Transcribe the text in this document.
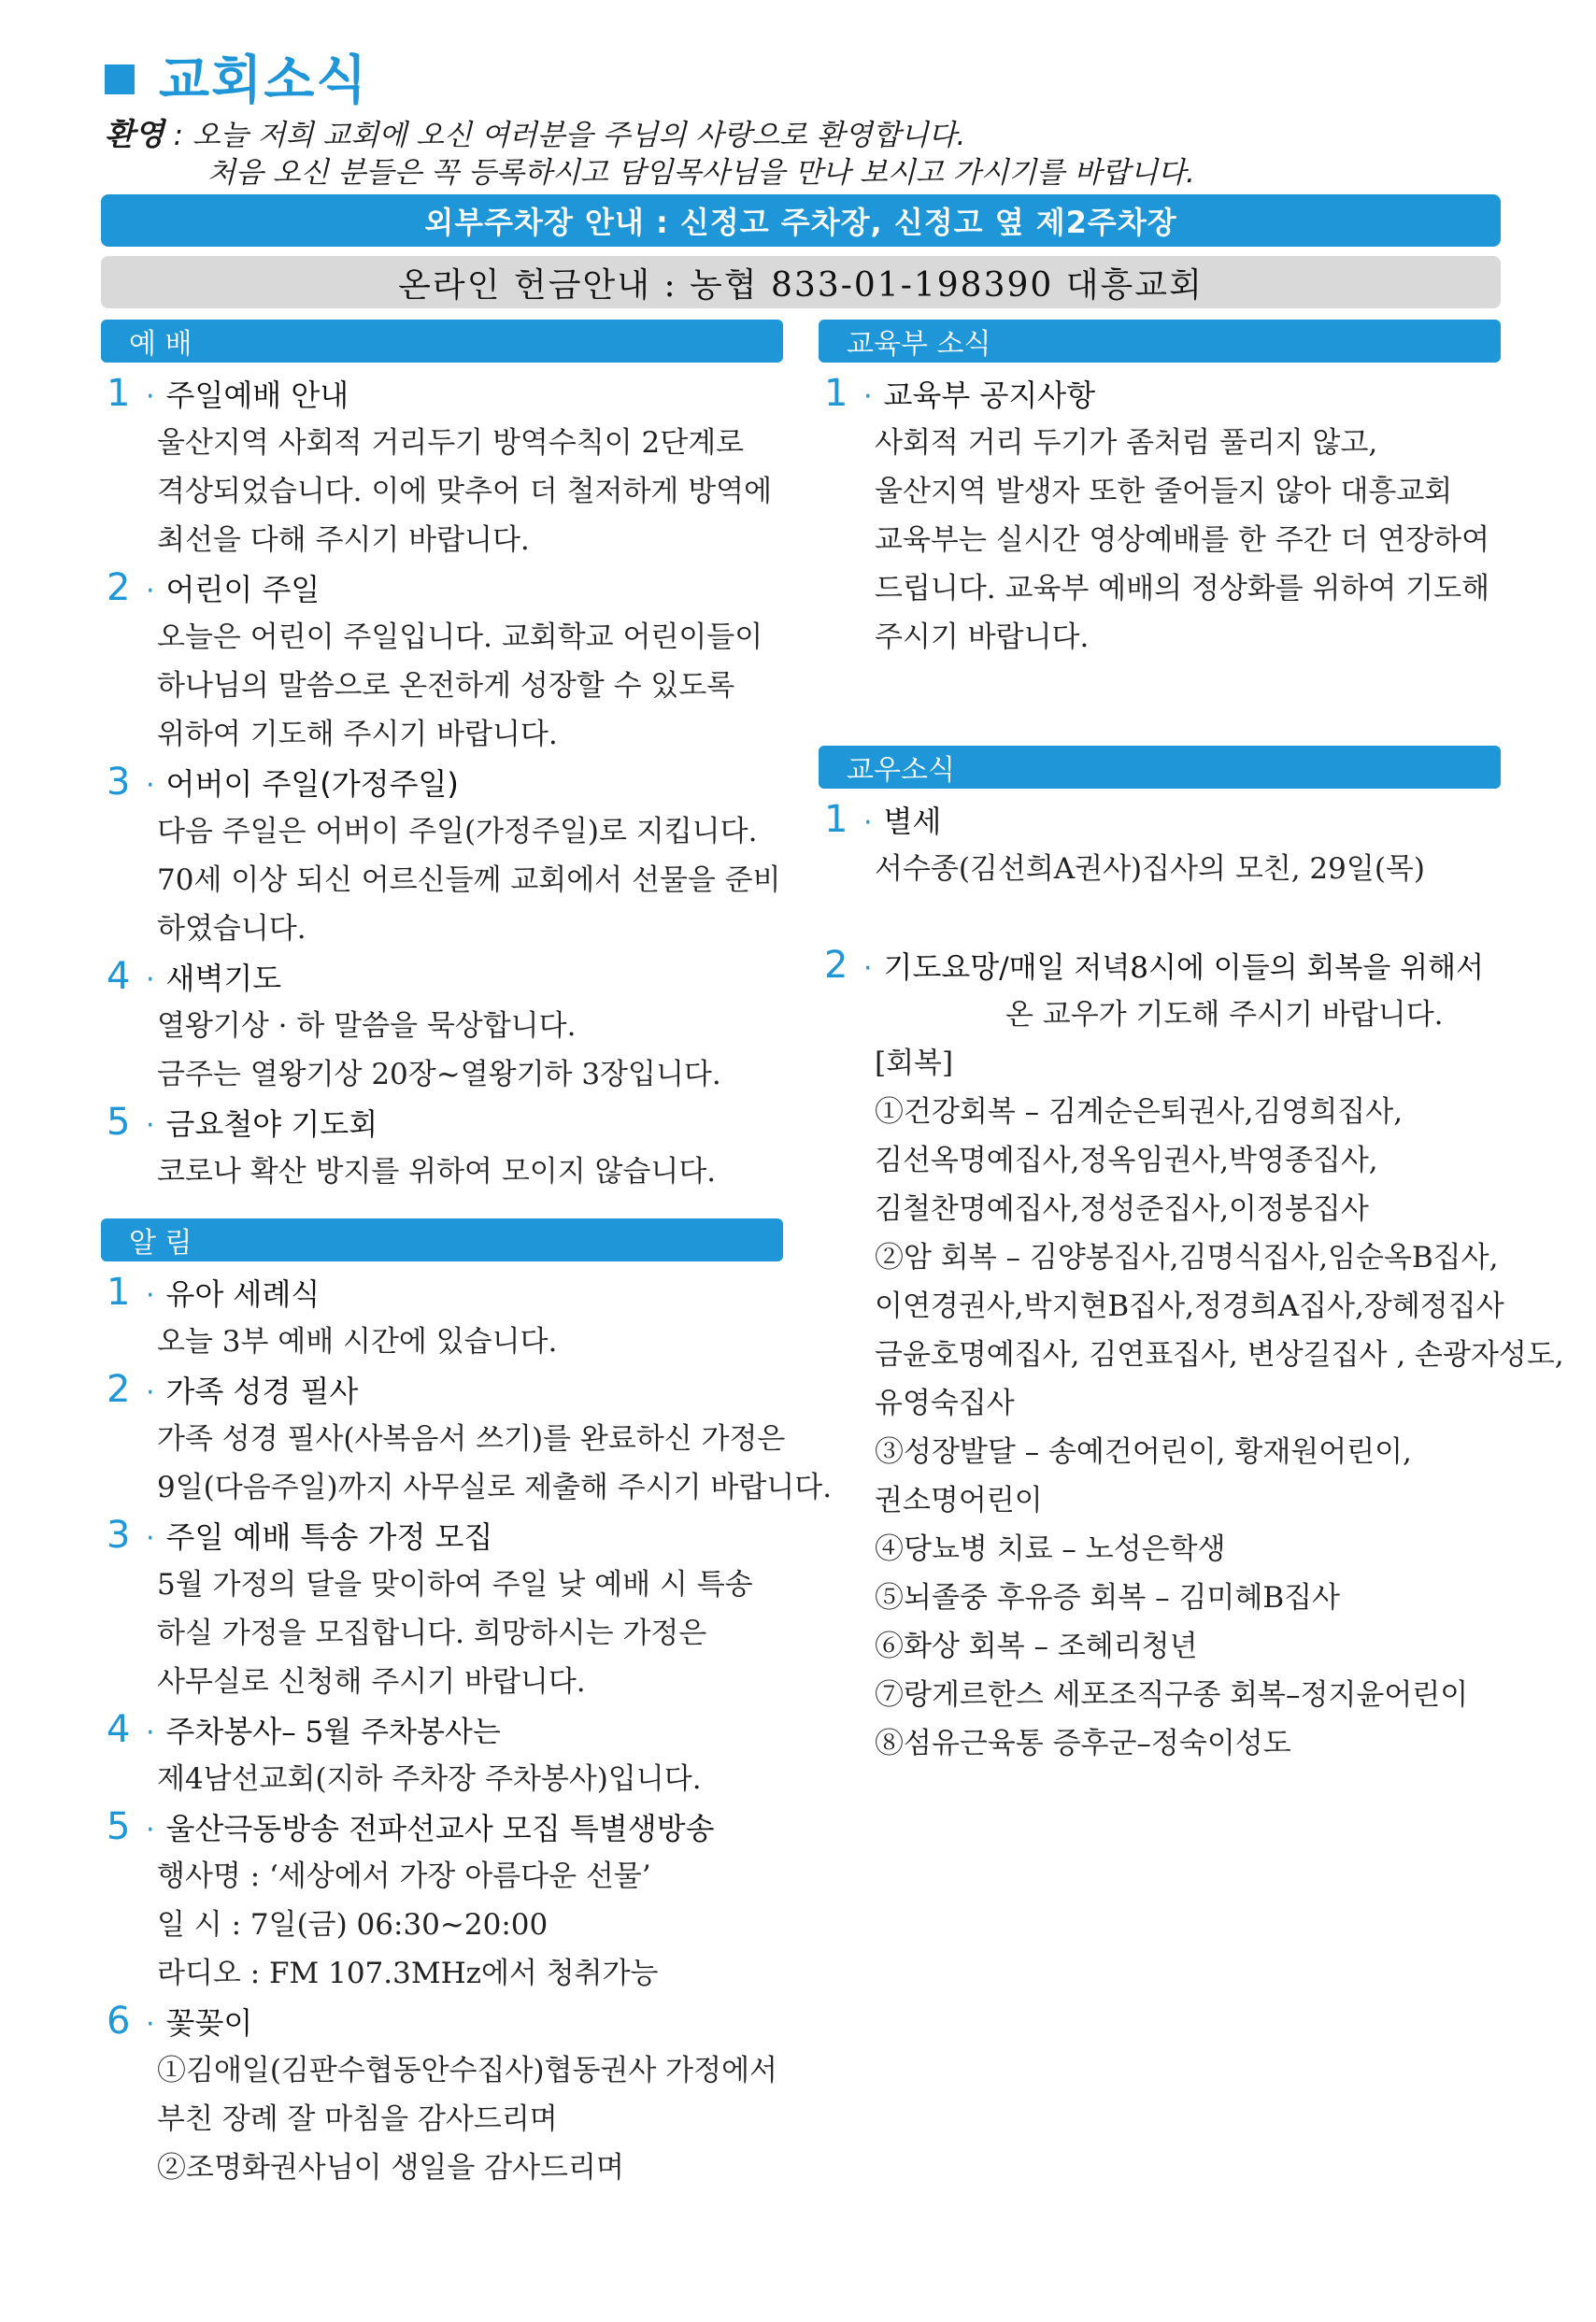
교회소식
환영 : 오늘 저희 교회에 오신 여러분을 주님의 사랑으로 환영합니다.
처음 오신 분들은 꼭 등록하시고 담임목사님을 만나 보시고 가시기를 바랍니다.
외부주차장 안내 : 신정고 주차장, 신정고 옆 제2주차장
온라인 헌금안내 : 농협 833-01-198390 대흥교회
예 배
1 · 주일예배 안내
울산지역 사회적 거리두기 방역수칙이 2단계로
격상되었습니다. 이에 맞추어 더 철저하게 방역에
최선을 다해 주시기 바랍니다.
2 · 어린이 주일
오늘은 어린이 주일입니다. 교회학교 어린이들이
하나님의 말씀으로 온전하게 성장할 수 있도록
위하여 기도해 주시기 바랍니다.
3 · 어버이 주일(가정주일)
다음 주일은 어버이 주일(가정주일)로 지킵니다.
70세 이상 되신 어르신들께 교회에서 선물을 준비
하였습니다.
4 · 새벽기도
열왕기상 · 하 말씀을 묵상합니다.
금주는 열왕기상 20장~열왕기하 3장입니다.
5 · 금요철야 기도회
코로나 확산 방지를 위하여 모이지 않습니다.
알 림
1 · 유아 세례식
오늘 3부 예배 시간에 있습니다.
2 · 가족 성경 필사
가족 성경 필사(사복음서 쓰기)를 완료하신 가정은
9일(다음주일)까지 사무실로 제출해 주시기 바랍니다.
3 · 주일 예배 특송 가정 모집
5월 가정의 달을 맞이하여 주일 낮 예배 시 특송
하실 가정을 모집합니다. 희망하시는 가정은
사무실로 신청해 주시기 바랍니다.
4 · 주차봉사 – 5월 주차봉사는
제4남선교회(지하 주차장 주차봉사)입니다.
5 · 울산극동방송 전파선교사 모집 특별생방송
행사명 : ‘세상에서 가장 아름다운 선물’
일 시 : 7일(금) 06:30~20:00
라디오 : FM 107.3MHz에서 청취가능
6 · 꽃꽂이
①김애일(김판수협동안수집사)협동권사 가정에서
부친 장례 잘 마침을 감사드리며
②조명화권사님이 생일을 감사드리며
교육부 소식
1 · 교육부 공지사항
사회적 거리 두기가 좀처럼 풀리지 않고,
울산지역 발생자 또한 줄어들지 않아 대흥교회
교육부는 실시간 영상예배를 한 주간 더 연장하여
드립니다. 교육부 예배의 정상화를 위하여 기도해
주시기 바랍니다.
교우소식
1 · 별세
서수종(김선희A권사)집사의 모친, 29일(목)
2 · 기도요망 /매일 저녁8시에 이들의 회복을 위해서
온 교우가 기도해 주시기 바랍니다.
[회복]
①건강회복 – 김계순은퇴권사,김영희집사,
김선옥명예집사,정옥임권사,박영종집사,
김철찬명예집사,정성준집사,이정봉집사
②암 회복 – 김양봉집사,김명식집사,임순옥B집사,
이연경권사,박지현B집사,정경희A집사,장혜정집사
금윤호명예집사, 김연표집사, 변상길집사 , 손광자성도,
유영숙집사
③성장발달 – 송예건어린이, 황재원어린이,
권소명어린이
④당뇨병 치료 – 노성은학생
⑤뇌졸중 후유증 회복 – 김미혜B집사
⑥화상 회복 – 조혜리청년
⑦랑게르한스 세포조직구종 회복–정지윤어린이
⑧섬유근육통 증후군–정숙이성도
